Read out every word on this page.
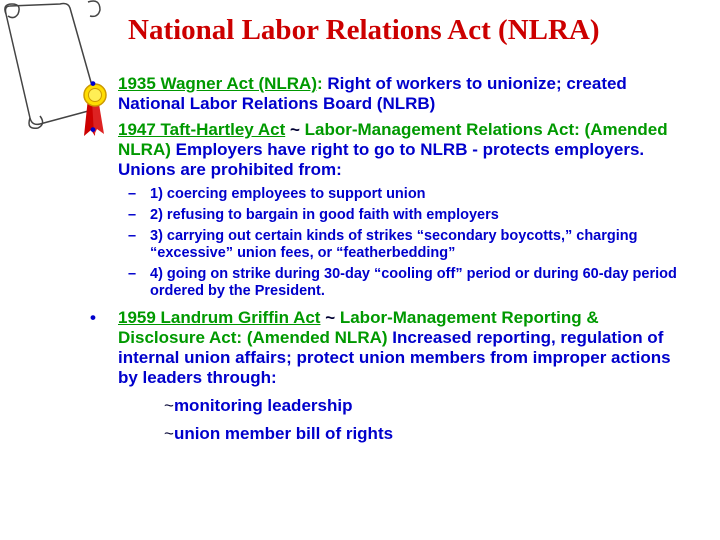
National Labor Relations Act (NLRA)
• 1935 Wagner Act (NLRA): Right of workers to unionize; created National Labor Relations Board (NLRB)
• 1947 Taft-Hartley Act ~ Labor-Management Relations Act: (Amended NLRA) Employers have right to go to NLRB - protects employers. Unions are prohibited from:
– 1) coercing employees to support union
– 2) refusing to bargain in good faith with employers
– 3) carrying out certain kinds of strikes “secondary boycotts,” charging “excessive” union fees, or “featherbedding”
– 4) going on strike during 30-day “cooling off” period or during 60-day period ordered by the President.
• 1959 Landrum Griffin Act ~ Labor-Management Reporting & Disclosure Act: (Amended NLRA) Increased reporting, regulation of internal union affairs; protect union members from improper actions by leaders through:
~monitoring leadership
~union member bill of rights
